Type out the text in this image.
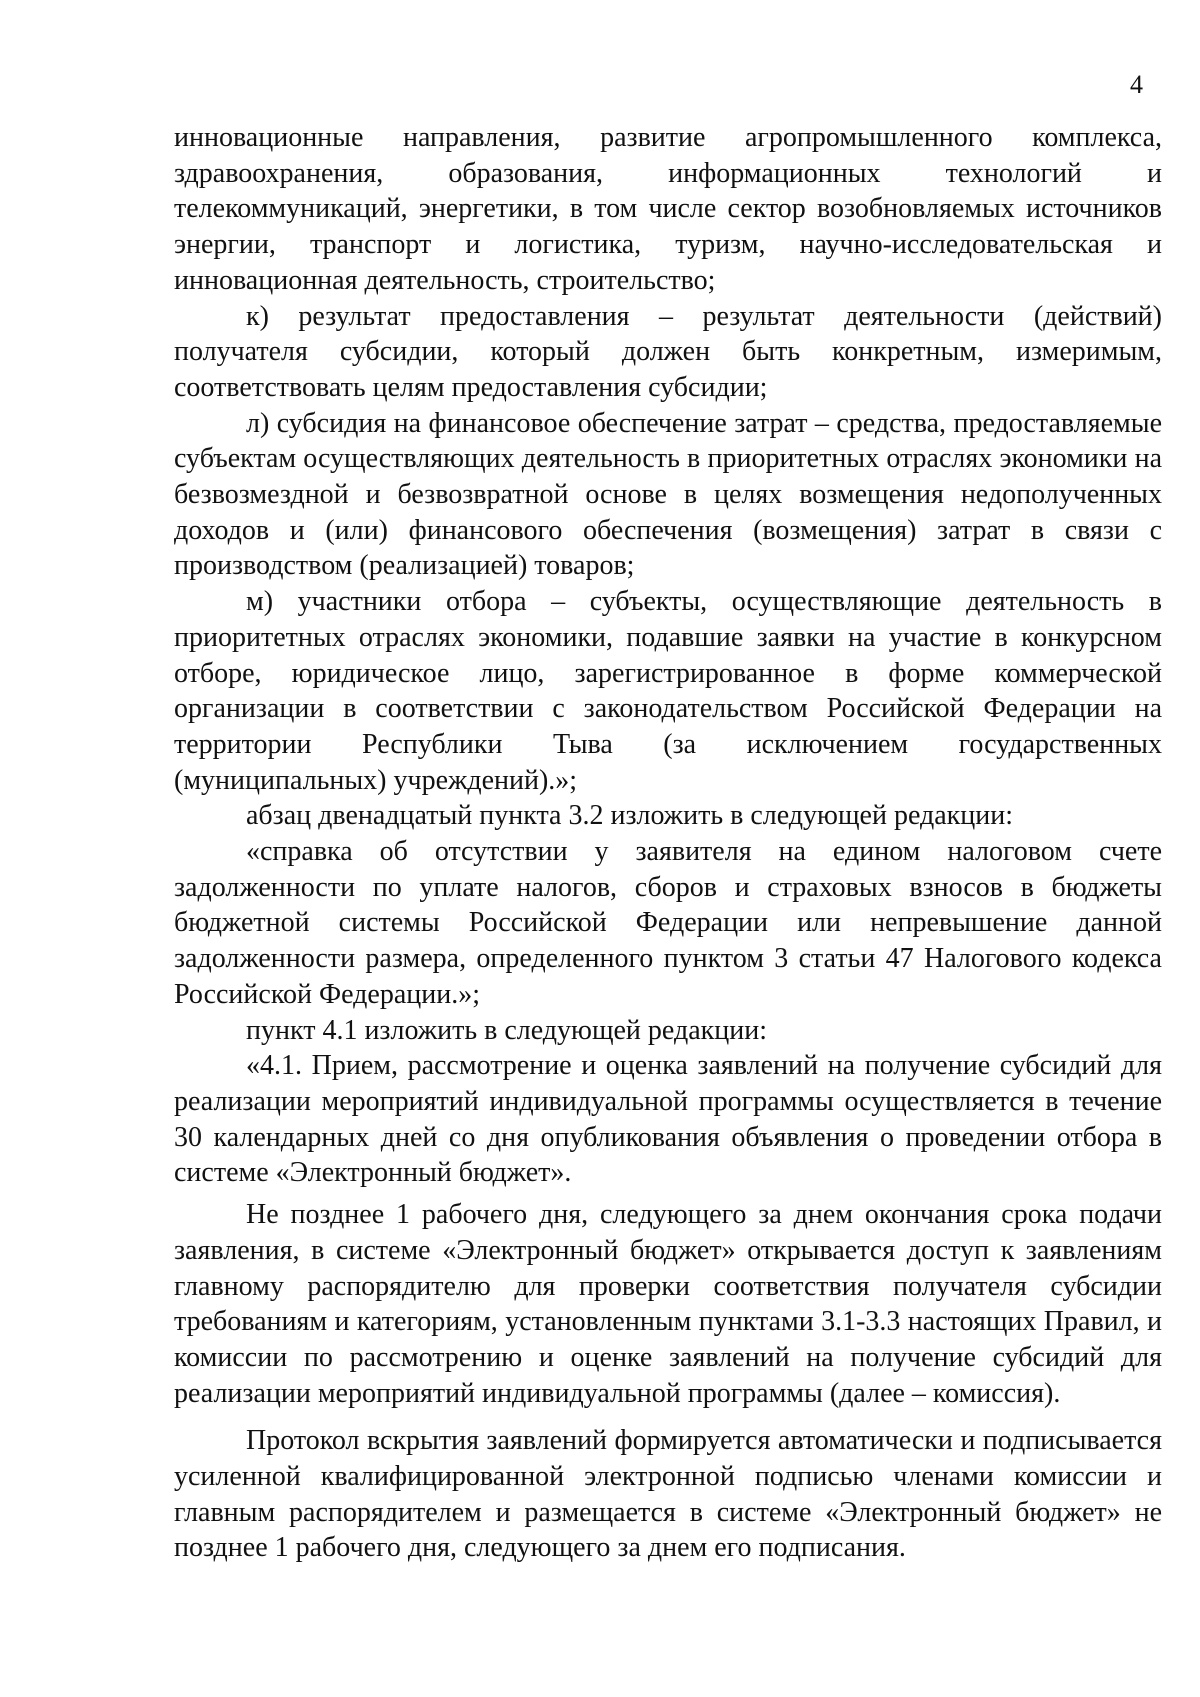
4

инновационные направления, развитие агропромышленного комплекса, здравоохранения, образования, информационных технологий и телекоммуникаций, энергетики, в том числе сектор возобновляемых источников энергии, транспорт и логистика, туризм, научно-исследовательская и инновационная деятельность, строительство;

к) результат предоставления – результат деятельности (действий) получателя субсидии, который должен быть конкретным, измеримым, соответствовать целям предоставления субсидии;

л) субсидия на финансовое обеспечение затрат – средства, предоставляемые субъектам осуществляющих деятельность в приоритетных отраслях экономики на безвозмездной и безвозвратной основе в целях возмещения недополученных доходов и (или) финансового обеспечения (возмещения) затрат в связи с производством (реализацией) товаров;

м) участники отбора – субъекты, осуществляющие деятельность в приоритетных отраслях экономики, подавшие заявки на участие в конкурсном отборе, юридическое лицо, зарегистрированное в форме коммерческой организации в соответствии с законодательством Российской Федерации на территории Республики Тыва (за исключением государственных (муниципальных) учреждений).»;

абзац двенадцатый пункта 3.2 изложить в следующей редакции:

«справка об отсутствии у заявителя на едином налоговом счете задолженности по уплате налогов, сборов и страховых взносов в бюджеты бюджетной системы Российской Федерации или непревышение данной задолженности размера, определенного пунктом 3 статьи 47 Налогового кодекса Российской Федерации.»;

пункт 4.1 изложить в следующей редакции:

«4.1. Прием, рассмотрение и оценка заявлений на получение субсидий для реализации мероприятий индивидуальной программы осуществляется в течение 30 календарных дней со дня опубликования объявления о проведении отбора в системе «Электронный бюджет».

Не позднее 1 рабочего дня, следующего за днем окончания срока подачи заявления, в системе «Электронный бюджет» открывается доступ к заявлениям главному распорядителю для проверки соответствия получателя субсидии требованиям и категориям, установленным пунктами 3.1-3.3 настоящих Правил, и комиссии по рассмотрению и оценке заявлений на получение субсидий для реализации мероприятий индивидуальной программы (далее – комиссия).

Протокол вскрытия заявлений формируется автоматически и подписывается усиленной квалифицированной электронной подписью членами комиссии и главным распорядителем и размещается в системе «Электронный бюджет» не позднее 1 рабочего дня, следующего за днем его подписания.
